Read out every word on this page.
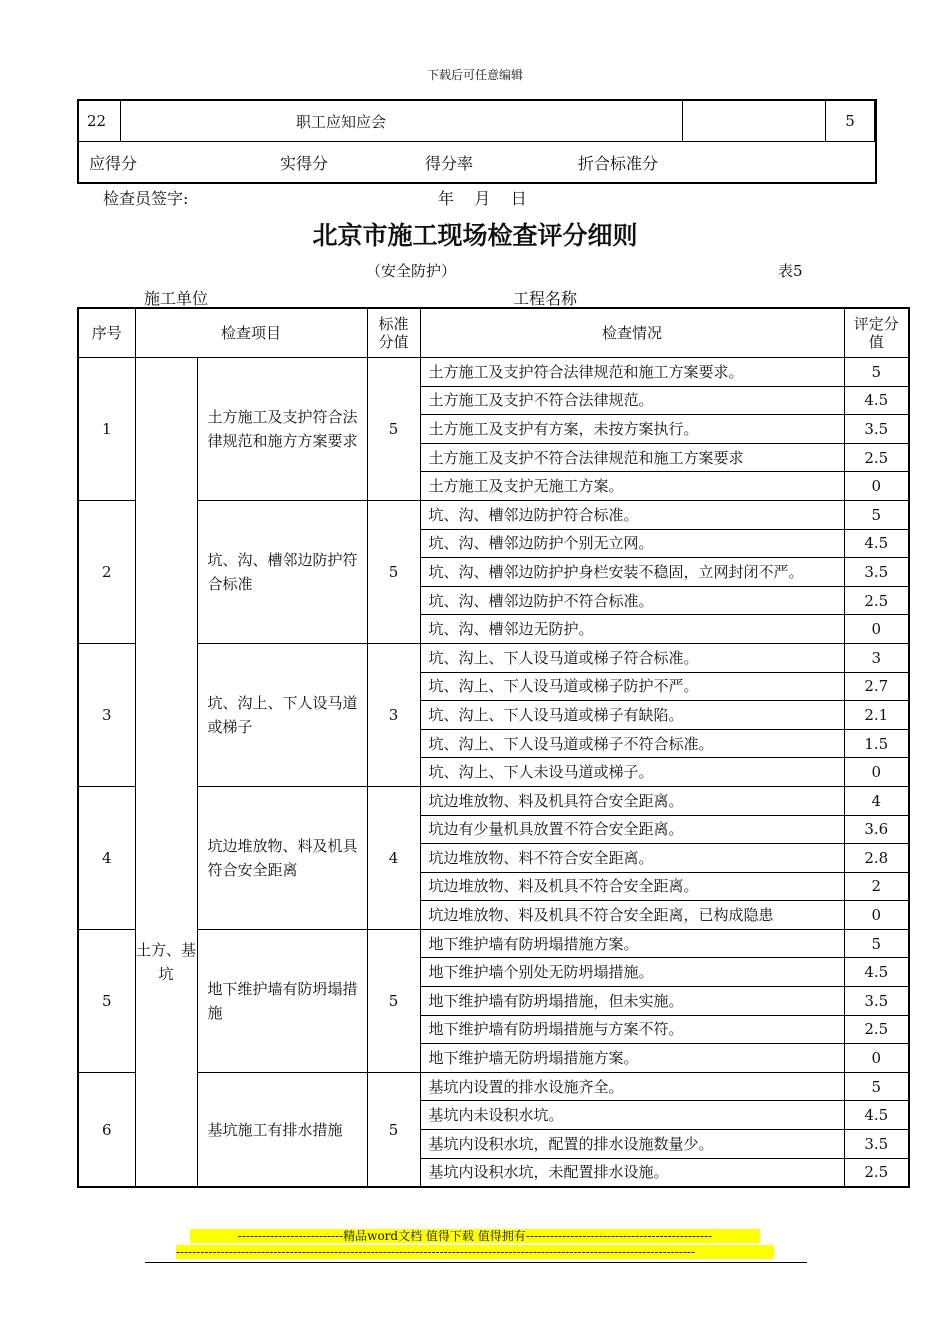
下载后可任意编辑
22	职工应知应会		5	
应得分	实得分	得分率	折合标准分
检查员签字:	年    月    日
北京市施工现场检查评分细则
（安全防护）	表5
施工单位	工程名称
序号	检查项目		标准分值	检查情况	评定分值
1	土方、基坑	土方施工及支护符合法律规范和施方方案要求	5	土方施工及支护符合法律规范和施工方案要求。	5
				土方施工及支护不符合法律规范。	4.5
				土方施工及支护有方案，未按方案执行。	3.5
				土方施工及支护不符合法律规范和施工方案要求	2.5
				土方施工及支护无施工方案。	0
2		坑、沟、槽邻边防护符合标准	5	坑、沟、槽邻边防护符合标准。	5
				坑、沟、槽邻边防护个别无立网。	4.5
				坑、沟、槽邻边防护护身栏安装不稳固，立网封闭不严。	3.5
				坑、沟、槽邻边防护不符合标准。	2.5
				坑、沟、槽邻边无防护。	0
3		坑、沟上、下人设马道或梯子	3	坑、沟上、下人设马道或梯子符合标准。	3
				坑、沟上、下人设马道或梯子防护不严。	2.7
				坑、沟上、下人设马道或梯子有缺陷。	2.1
				坑、沟上、下人设马道或梯子不符合标准。	1.5
				坑、沟上、下人未设马道或梯子。	0
4		坑边堆放物、料及机具符合安全距离	4	坑边堆放物、料及机具符合安全距离。	4
				坑边有少量机具放置不符合安全距离。	3.6
				坑边堆放物、料不符合安全距离。	2.8
				坑边堆放物、料及机具不符合安全距离。	2
				坑边堆放物、料及机具不符合安全距离，已构成隐患	0
5		地下维护墙有防坍塌措施	5	地下维护墙有防坍塌措施方案。	5
				地下维护墙个别处无防坍塌措施。	4.5
				地下维护墙有防坍塌措施，但未实施。	3.5
				地下维护墙有防坍塌措施与方案不符。	2.5
				地下维护墙无防坍塌措施方案。	0
6		基坑施工有排水措施	5	基坑内设置的排水设施齐全。	5
				基坑内未设积水坑。	4.5
				基坑内设积水坑，配置的排水设施数量少。	3.5
				基坑内设积水坑，未配置排水设施。	2.5
--------------------------精品word文档 值得下载 值得拥有----------------------------------------------
--------------------------------------------------------------------------------------------------------------------------------
